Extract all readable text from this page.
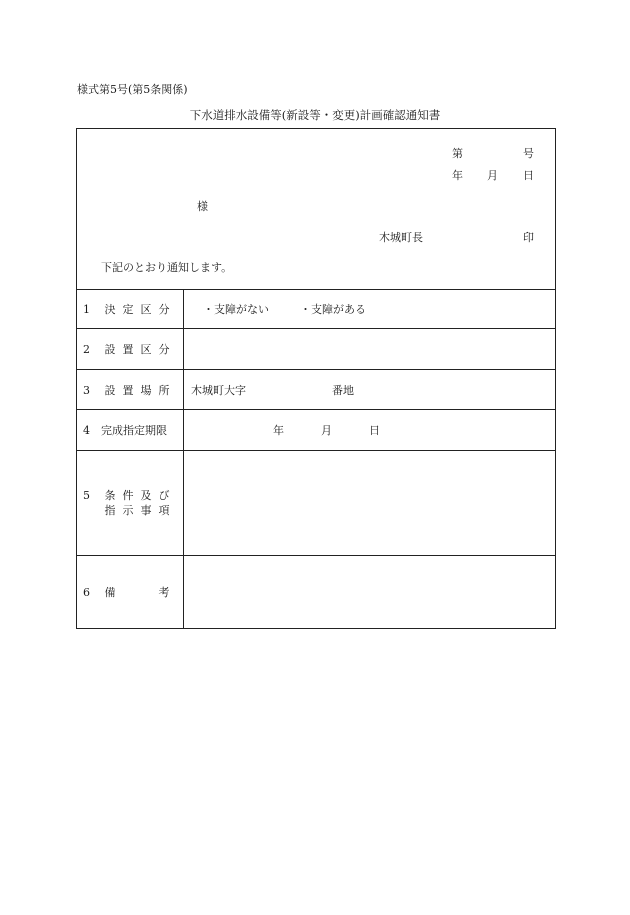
様式第5号(第5条関係)
下水道排水設備等(新設等・変更)計画確認通知書
第	号
年 月 日
様
木城町長	印
下記のとおり通知します。
1 決 定 区 分	・支障がない	・支障がある
2 設 置 区 分
3 設 置 場 所	木城町大字	番地
4 完成指定期限	年	月	日
5 条 件 及 び
指 示 事 項
6 備	考
